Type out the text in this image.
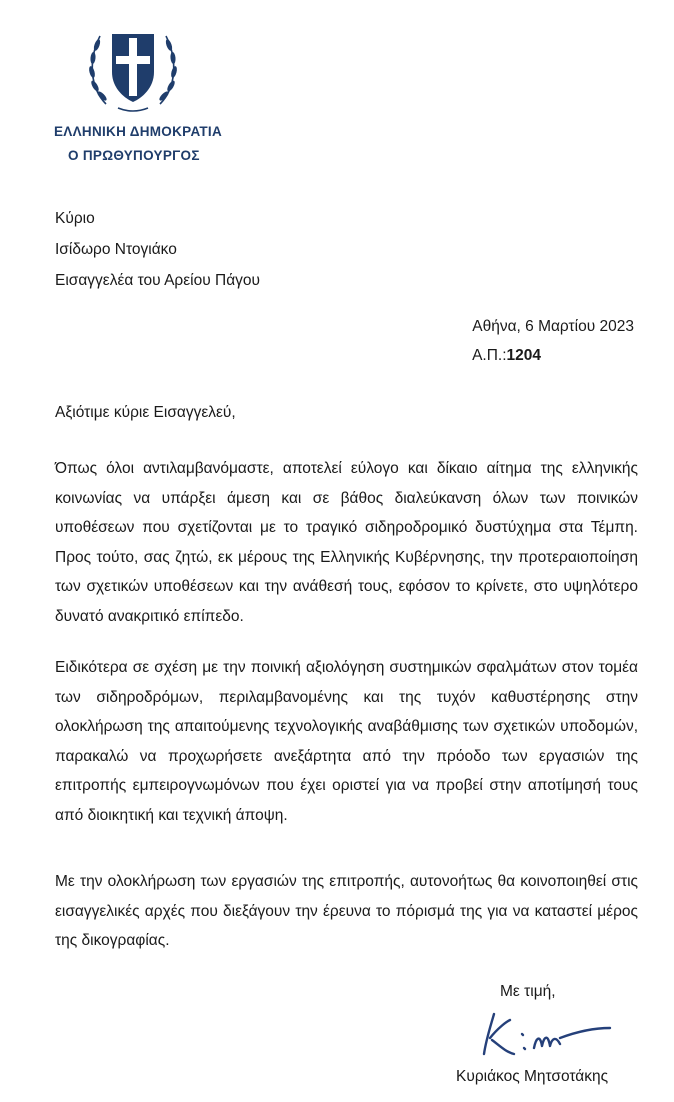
ΕΛΛΗΝΙΚΗ ΔΗΜΟΚΡΑΤΙΑ
Ο ΠΡΩΘΥΠΟΥΡΓΟΣ
Κύριο
Ισίδωρο Ντογιάκο
Εισαγγελέα του Αρείου Πάγου
Αθήνα, 6 Μαρτίου 2023
Α.Π.:1204
Αξιότιμε κύριε Εισαγγελεύ,
Όπως όλοι αντιλαμβανόμαστε, αποτελεί εύλογο και δίκαιο αίτημα της ελληνικής κοινωνίας να υπάρξει άμεση και σε βάθος διαλεύκανση όλων των ποινικών υποθέσεων που σχετίζονται με το τραγικό σιδηροδρομικό δυστύχημα στα Τέμπη. Προς τούτο, σας ζητώ, εκ μέρους της Ελληνικής Κυβέρνησης, την προτεραιοποίηση των σχετικών υποθέσεων και την ανάθεσή τους, εφόσον το κρίνετε, στο υψηλότερο δυνατό ανακριτικό επίπεδο.
Ειδικότερα σε σχέση με την ποινική αξιολόγηση συστημικών σφαλμάτων στον τομέα των σιδηροδρόμων, περιλαμβανομένης και της τυχόν καθυστέρησης στην ολοκλήρωση της απαιτούμενης τεχνολογικής αναβάθμισης των σχετικών υποδομών, παρακαλώ να προχωρήσετε ανεξάρτητα από την πρόοδο των εργασιών της επιτροπής εμπειρογνωμόνων που έχει οριστεί για να προβεί στην αποτίμησή τους από διοικητική και τεχνική άποψη.
Με την ολοκλήρωση των εργασιών της επιτροπής, αυτονοήτως θα κοινοποιηθεί στις εισαγγελικές αρχές που διεξάγουν την έρευνα το πόρισμά της για να καταστεί μέρος της δικογραφίας.
Με τιμή,
Κυριάκος Μητσοτάκης
